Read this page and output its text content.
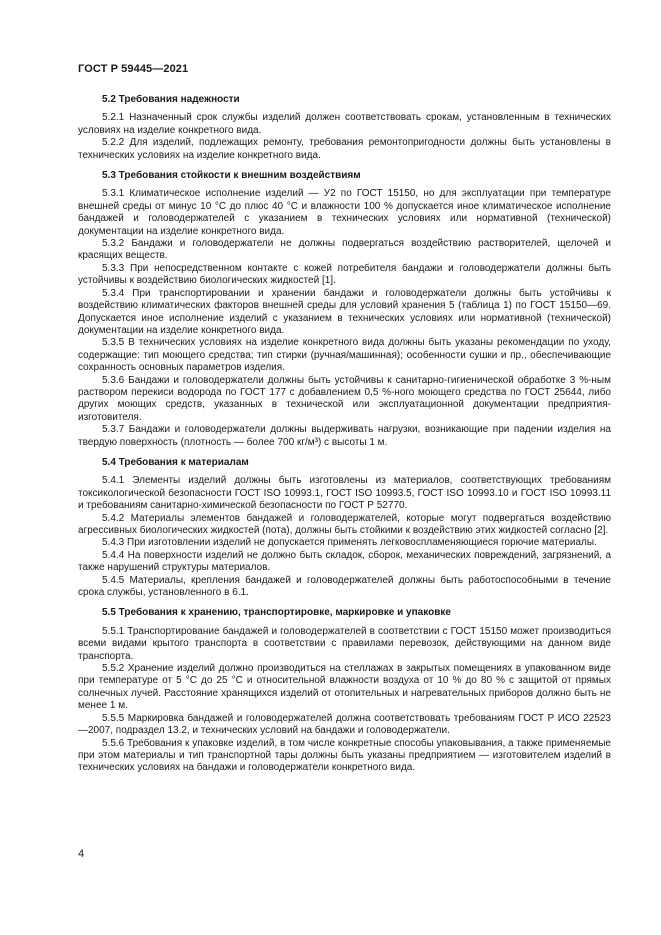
ГОСТ Р 59445—2021
5.2 Требования надежности

5.2.1 Назначенный срок службы изделий должен соответствовать срокам, установленным в технических условиях на изделие конкретного вида.

5.2.2 Для изделий, подлежащих ремонту, требования ремонтопригодности должны быть установлены в технических условиях на изделие конкретного вида.

5.3 Требования стойкости к внешним воздействиям

5.3.1 Климатическое исполнение изделий — У2 по ГОСТ 15150, но для эксплуатации при температуре внешней среды от минус 10 °С до плюс 40 °С и влажности 100 % допускается иное климатическое исполнение бандажей и головодержателей с указанием в технических условиях или нормативной (технической) документации на изделие конкретного вида.

5.3.2 Бандажи и головодержатели не должны подвергаться воздействию растворителей, щелочей и красящих веществ.

5.3.3 При непосредственном контакте с кожей потребителя бандажи и головодержатели должны быть устойчивы к воздействию биологических жидкостей [1].

5.3.4 При транспортировании и хранении бандажи и головодержатели должны быть устойчивы к воздействию климатических факторов внешней среды для условий хранения 5 (таблица 1) по ГОСТ 15150—69. Допускается иное исполнение изделий с указанием в технических условиях или нормативной (технической) документации на изделие конкретного вида.

5.3.5 В технических условиях на изделие конкретного вида должны быть указаны рекомендации по уходу, содержащие: тип моющего средства; тип стирки (ручная/машинная); особенности сушки и пр., обеспечивающие сохранность основных параметров изделия.

5.3.6 Бандажи и головодержатели должны быть устойчивы к санитарно-гигиенической обработке 3 %-ным раствором перекиси водорода по ГОСТ 177 с добавлением 0,5 %-ного моющего средства по ГОСТ 25644, либо других моющих средств, указанных в технической или эксплуатационной документации предприятия-изготовителя.

5.3.7 Бандажи и головодержатели должны выдерживать нагрузки, возникающие при падении изделия на твердую поверхность (плотность — более 700 кг/м³) с высоты 1 м.

5.4 Требования к материалам

5.4.1 Элементы изделий должны быть изготовлены из материалов, соответствующих требованиям токсикологической безопасности ГОСТ ISO 10993.1, ГОСТ ISO 10993.5, ГОСТ ISO 10993.10 и ГОСТ ISO 10993.11 и требованиям санитарно-химической безопасности по ГОСТ Р 52770.

5.4.2 Материалы элементов бандажей и головодержателей, которые могут подвергаться воздействию агрессивных биологических жидкостей (пота), должны быть стойкими к воздействию этих жидкостей согласно [2].

5.4.3 При изготовлении изделий не допускается применять легковоспламеняющиеся горючие материалы.

5.4.4 На поверхности изделий не должно быть складок, сборок, механических повреждений, загрязнений, а также нарушений структуры материалов.

5.4.5 Материалы, крепления бандажей и головодержателей должны быть работоспособными в течение срока службы, установленного в 6.1.

5.5 Требования к хранению, транспортировке, маркировке и упаковке

5.5.1 Транспортирование бандажей и головодержателей в соответствии с ГОСТ 15150 может производиться всеми видами крытого транспорта в соответствии с правилами перевозок, действующими на данном виде транспорта.

5.5.2 Хранение изделий должно производиться на стеллажах в закрытых помещениях в упакованном виде при температуре от 5 °С до 25 °С и относительной влажности воздуха от 10 % до 80 % с защитой от прямых солнечных лучей. Расстояние хранящихся изделий от отопительных и нагревательных приборов должно быть не менее 1 м.

5.5.5 Маркировка бандажей и головодержателей должна соответствовать требованиям ГОСТ Р ИСО 22523—2007, подраздел 13.2, и технических условий на бандажи и головодержатели.

5.5.6 Требования к упаковке изделий, в том числе конкретные способы упаковывания, а также применяемые при этом материалы и тип транспортной тары должны быть указаны предприятием — изготовителем изделий в технических условиях на бандажи и головодержатели конкретного вида.

4
